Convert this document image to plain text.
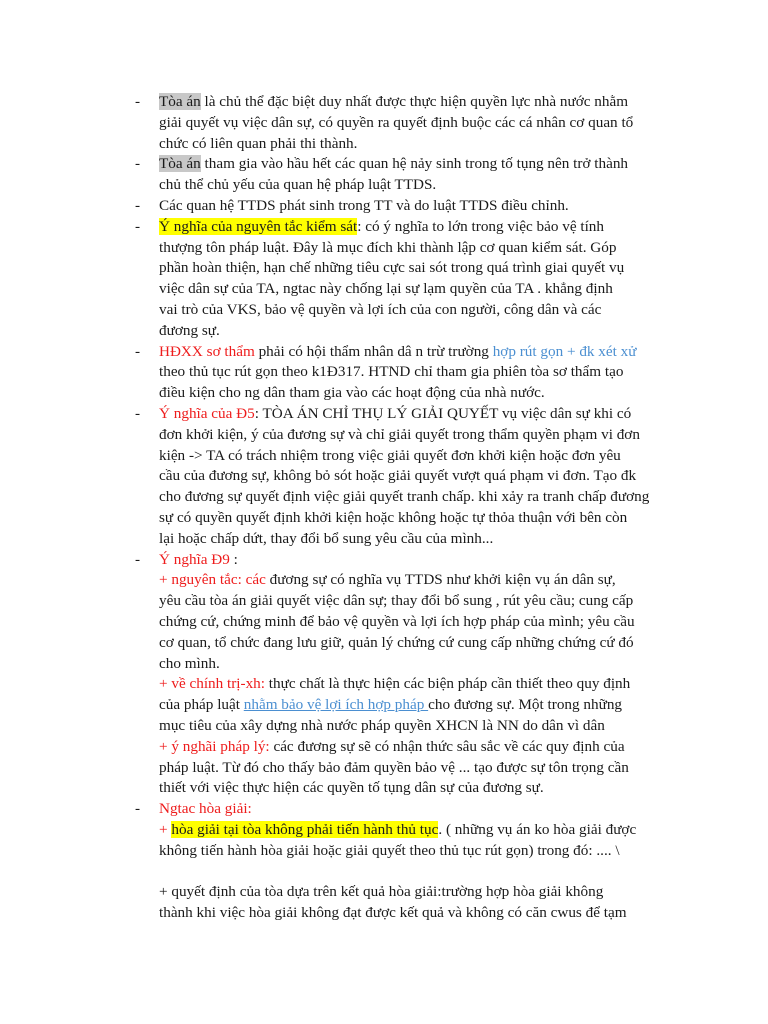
- Tòa án là chủ thể đặc biệt duy nhất được thực hiện quyền lực nhà nước nhằm
giải quyết vụ việc dân sự, có quyền ra quyết định buộc các cá nhân cơ quan tổ
chức có liên quan phải thi thành.
- Tòa án tham gia vào hầu hết các quan hệ nảy sinh trong tố tụng nên trở thành
chủ thể chủ yếu của quan hệ pháp luật TTDS.
- Các quan hệ TTDS phát sinh trong TT và do luật TTDS điều chỉnh.
- Ý nghĩa của nguyên tắc kiểm sát: có ý nghĩa to lớn trong việc bảo vệ tính
thượng tôn pháp luật. Đây là mục đích khi thành lập cơ quan kiểm sát. Góp
phần hoàn thiện, hạn chế những tiêu cực sai sót trong quá trình giai quyết vụ
việc dân sự của TA, ngtac này chống lại sự lạm quyền của TA . khẳng định
vai trò của VKS, bảo vệ quyền và lợi ích của con người, công dân và các
đương sự.
- HĐXX sơ thẩm phải có hội thẩm nhân dâ n trừ trường hợp rút gọn + đk xét xử
theo thủ tục rút gọn theo k1Đ317. HTND chỉ tham gia phiên tòa sơ thẩm tạo
điều kiện cho ng dân tham gia vào các hoạt động của nhà nước.
- Ý nghĩa của Đ5: TÒA ÁN CHỈ THỤ LÝ GIẢI QUYẾT vụ việc dân sự khi có
đơn khởi kiện, ý của đương sự và chỉ giải quyết trong thẩm quyền phạm vi đơn
kiện -> TA có trách nhiệm trong việc giải quyết đơn khởi kiện hoặc đơn yêu
cầu của đương sự, không bỏ sót hoặc giải quyết vượt quá phạm vi đơn. Tạo đk
cho đương sự quyết định việc giải quyết tranh chấp. khi xảy ra tranh chấp đương
sự có quyền quyết định khởi kiện hoặc không hoặc tự thỏa thuận với bên còn
lại hoặc chấp dứt, thay đổi bổ sung yêu cầu của mình...
- Ý nghĩa Đ9 :
+ nguyên tắc: các đương sự có nghĩa vụ TTDS như khởi kiện vụ án dân sự,
yêu cầu tòa án giải quyết việc dân sự; thay đổi bổ sung , rút yêu cầu; cung cấp
chứng cứ, chứng minh để bảo vệ quyền và lợi ích hợp pháp của mình; yêu cầu
cơ quan, tổ chức đang lưu giữ, quản lý chứng cứ cung cấp những chứng cứ đó
cho mình.
+ về chính trị-xh: thực chất là thực hiện các biện pháp cần thiết theo quy định
của pháp luật nhằm bảo vệ lợi ích hợp pháp cho đương sự. Một trong những
mục tiêu của xây dựng nhà nước pháp quyền XHCN là NN do dân vì dân
+ ý nghãi pháp lý: các đương sự sẽ có nhận thức sâu sắc về các quy định của
pháp luật. Từ đó cho thấy bảo đảm quyền bảo vệ ... tạo được sự tôn trọng cần
thiết với việc thực hiện các quyền tố tụng dân sự của đương sự.
- Ngtac hòa giải:
+ hòa giải tại tòa không phải tiến hành thủ tục. ( những vụ án ko hòa giải được
không tiến hành hòa giải hoặc giải quyết theo thủ tục rút gọn) trong đó: .... \
+ quyết định của tòa dựa trên kết quả hòa giải:trường hợp hòa giải không
thành khi việc hòa giải không đạt được kết quả và không có căn cwus để tạm
